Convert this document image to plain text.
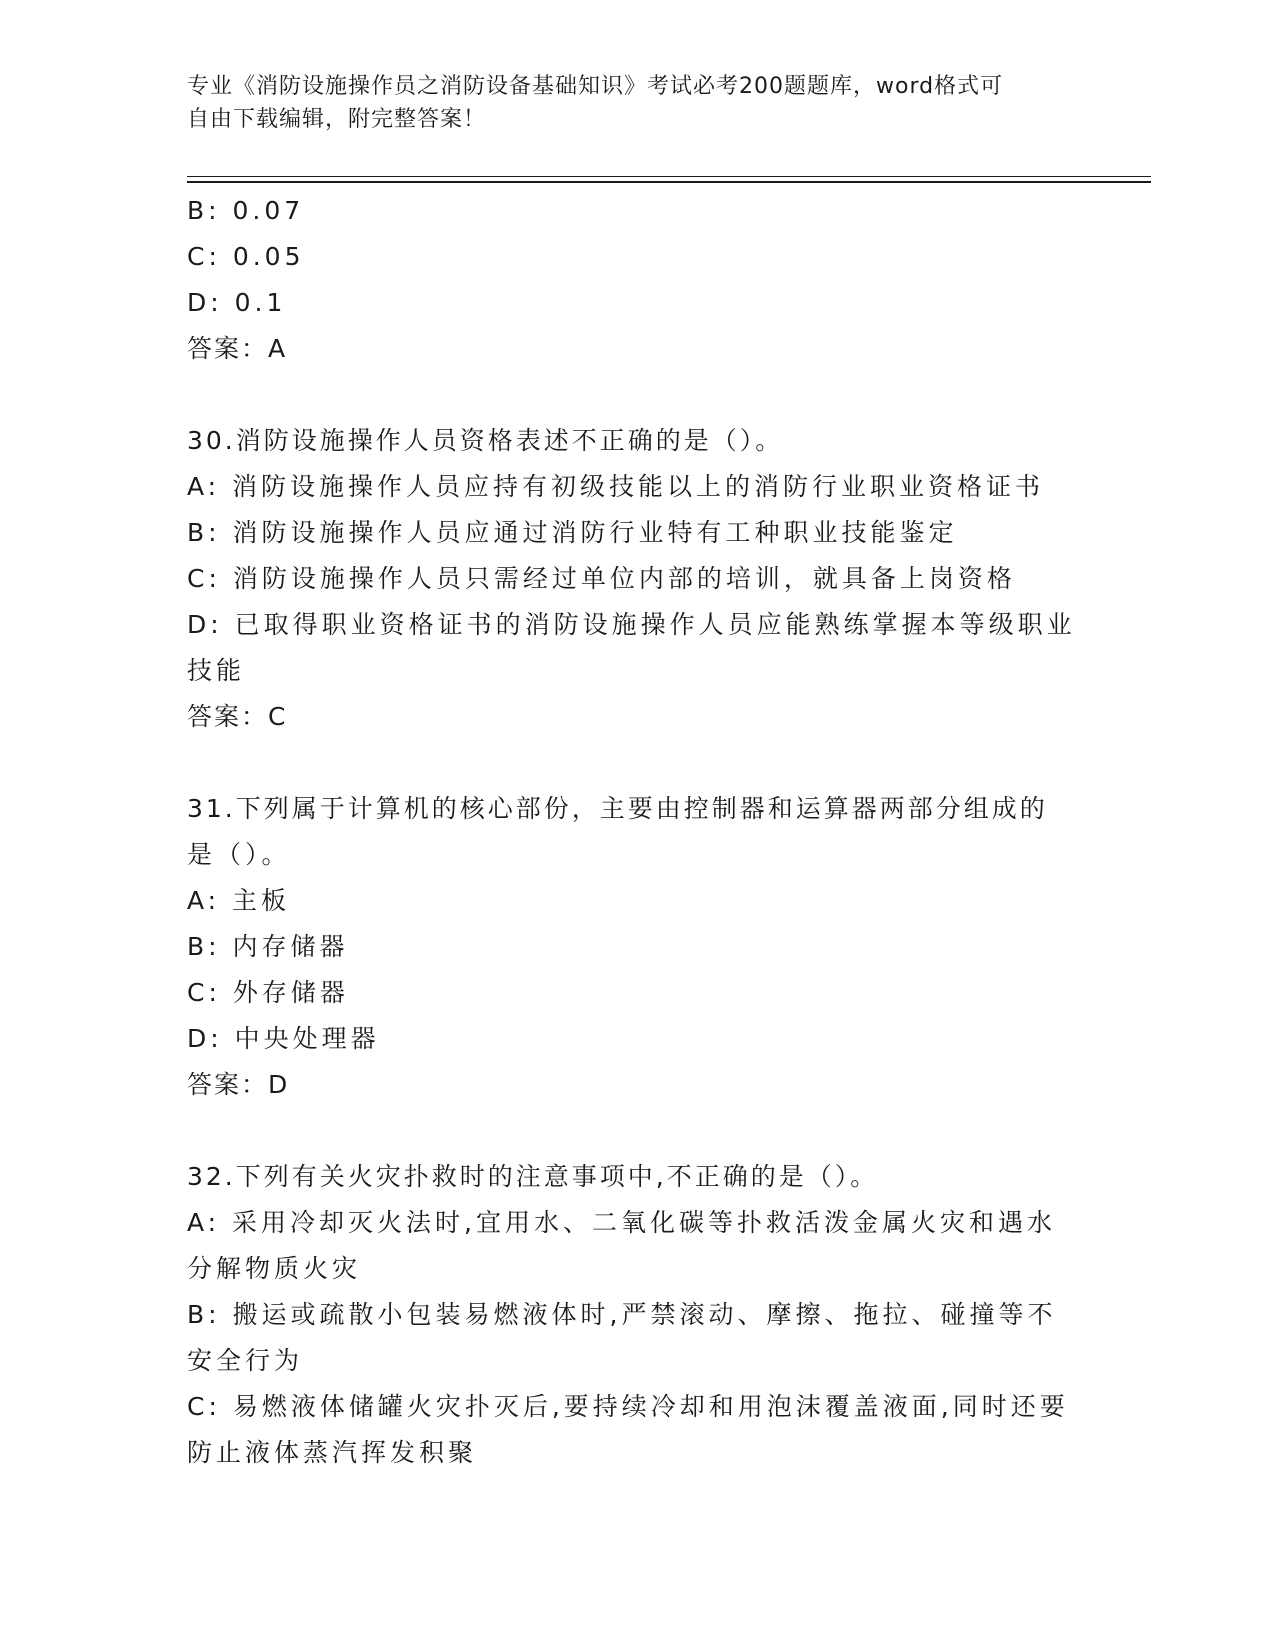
专业《消防设施操作员之消防设备基础知识》考试必考200题题库，word格式可
自由下载编辑，附完整答案！
B: 0.07
C: 0.05
D: 0.1
答案：A
30.消防设施操作人员资格表述不正确的是（）。
A: 消防设施操作人员应持有初级技能以上的消防行业职业资格证书
B: 消防设施操作人员应通过消防行业特有工种职业技能鉴定
C: 消防设施操作人员只需经过单位内部的培训，就具备上岗资格
D: 已取得职业资格证书的消防设施操作人员应能熟练掌握本等级职业
技能
答案：C
31.下列属于计算机的核心部份，主要由控制器和运算器两部分组成的
是（）。
A: 主板
B: 内存储器
C: 外存储器
D: 中央处理器
答案：D
32.下列有关火灾扑救时的注意事项中,不正确的是（）。
A: 采用冷却灭火法时,宜用水、二氧化碳等扑救活泼金属火灾和遇水
分解物质火灾
B: 搬运或疏散小包装易燃液体时,严禁滚动、摩擦、拖拉、碰撞等不
安全行为
C: 易燃液体储罐火灾扑灭后,要持续冷却和用泡沫覆盖液面,同时还要
防止液体蒸汽挥发积聚
